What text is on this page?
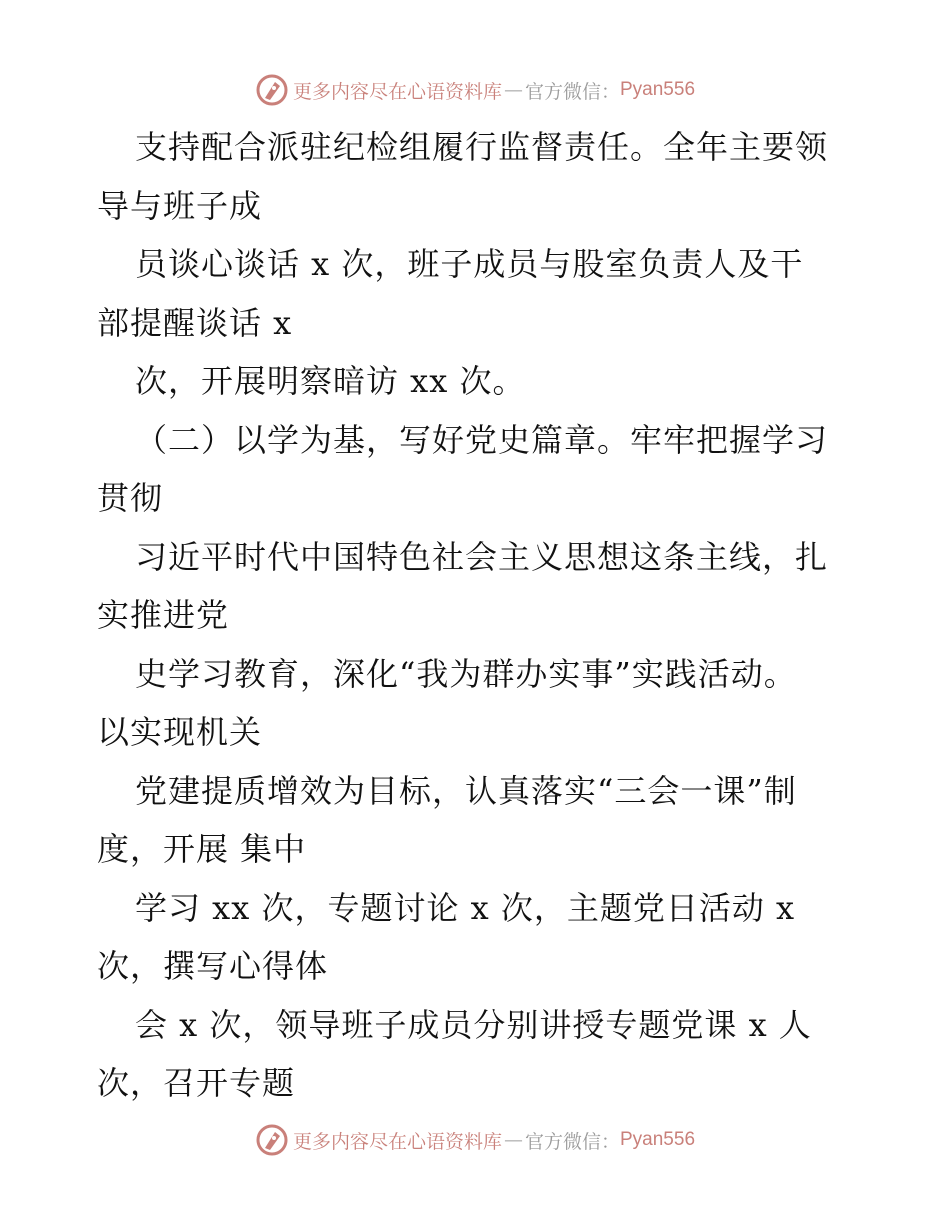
更多内容尽在心语资料库 — 官方微信： Pyan556
支持配合派驻纪检组履行监督责任。全年主要领
导与班子成
员谈心谈话 x 次，班子成员与股室负责人及干
部提醒谈话 x
次，开展明察暗访 xx 次。
（二）以学为基，写好党史篇章。牢牢把握学习
贯彻
习近平时代中国特色社会主义思想这条主线，扎
实推进党
史学习教育，深化“我为群办实事”实践活动。
以实现机关
党建提质增效为目标，认真落实“三会一课”制
度，开展 集中
学习 xx 次，专题讨论 x 次，主题党日活动 x
次，撰写心得体
会 x 次，领导班子成员分别讲授专题党课 x 人
次，召开专题
更多内容尽在心语资料库 — 官方微信： Pyan556
